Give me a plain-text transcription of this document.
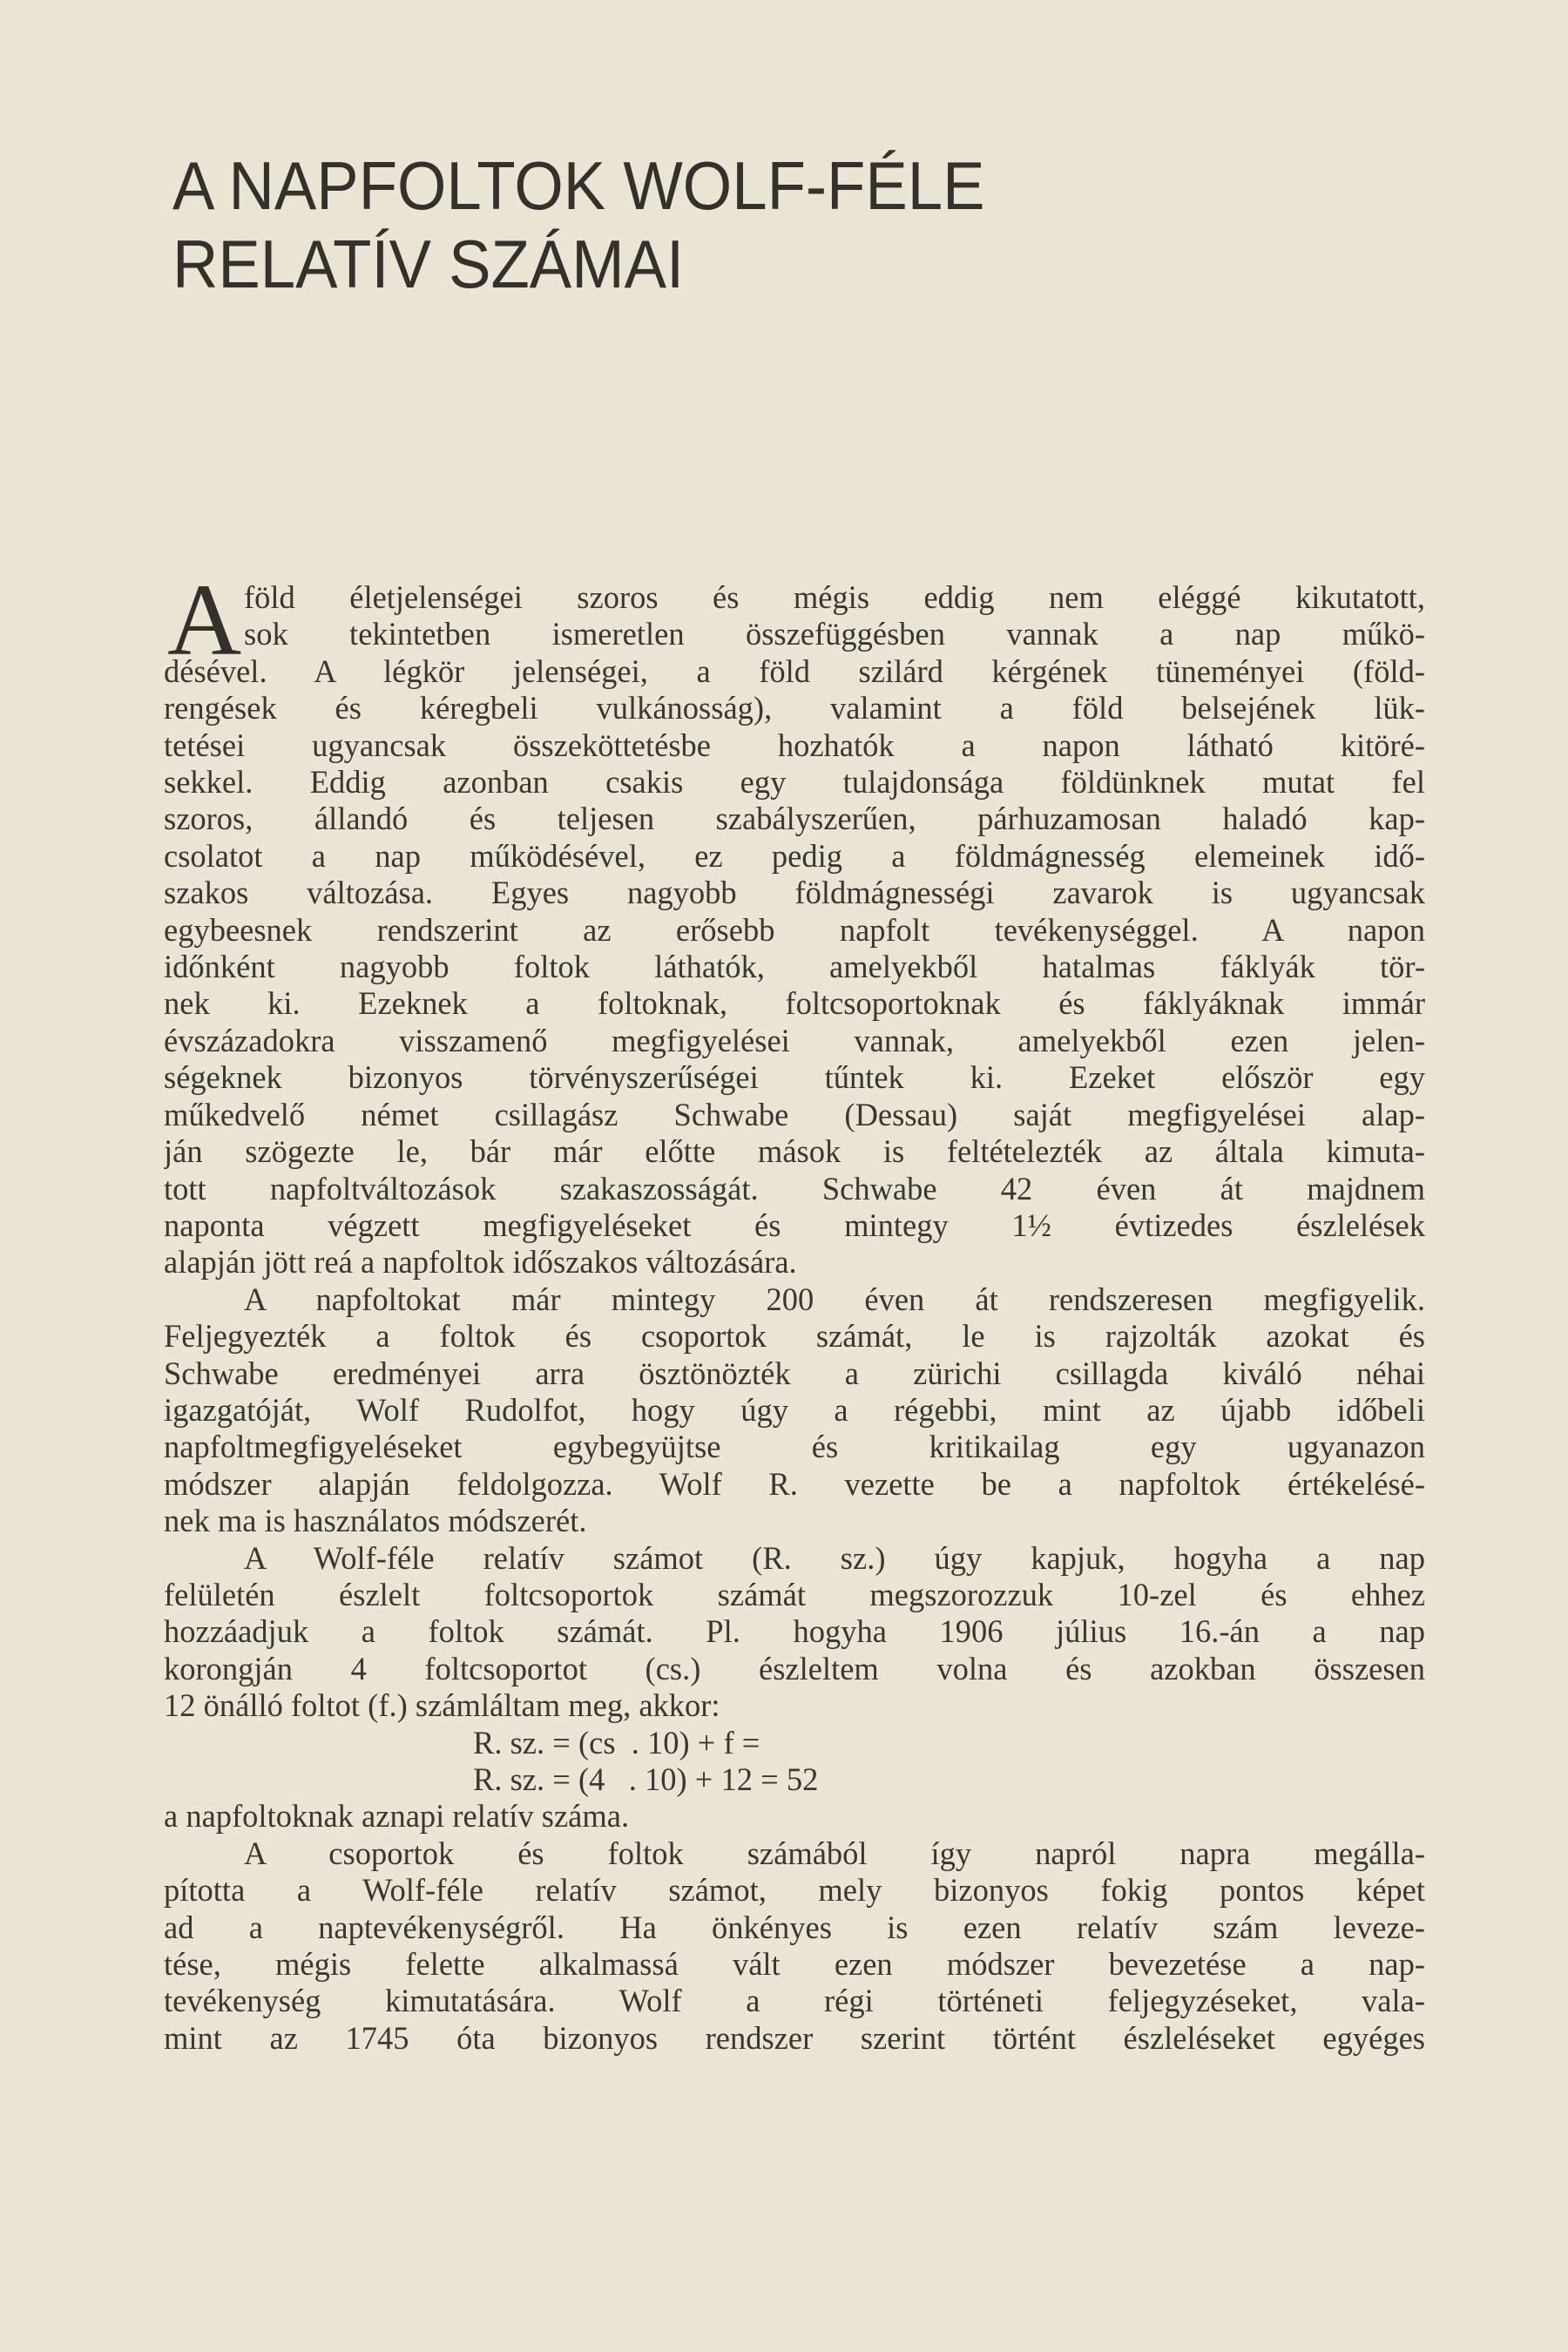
A NAPFOLTOK WOLF-FÉLE
RELATÍV SZÁMAI
A föld életjelenségei szoros és mégis eddig nem eléggé kikutatott,
sok tekintetben ismeretlen összefüggésben vannak a nap műkö-
désével. A légkör jelenségei, a föld szilárd kérgének tüneményei (föld-
rengések és kéregbeli vulkánosság), valamint a föld belsejének lük-
tetései ugyancsak összeköttetésbe hozhatók a napon látható kitöré-
sekkel. Eddig azonban csakis egy tulajdonsága földünknek mutat fel
szoros, állandó és teljesen szabályszerűen, párhuzamosan haladó kap-
csolatot a nap működésével, ez pedig a földmágnesség elemeinek idő-
szakos változása. Egyes nagyobb földmágnességi zavarok is ugyancsak
egybeesnek rendszerint az erősebb napfolt tevékenységgel. A napon
időnként nagyobb foltok láthatók, amelyekből hatalmas fáklyák tör-
nek ki. Ezeknek a foltoknak, foltcsoportoknak és fáklyáknak immár
évszázadokra visszamenő megfigyelései vannak, amelyekből ezen jelen-
ségeknek bizonyos törvényszerűségei tűntek ki. Ezeket először egy
műkedvelő német csillagász Schwabe (Dessau) saját megfigyelései alap-
ján szögezte le, bár már előtte mások is feltételezték az általa kimuta-
tott napfoltváltozások szakaszosságát. Schwabe 42 éven át majdnem
naponta végzett megfigyeléseket és mintegy 1½ évtizedes észlelések
alapján jött reá a napfoltok időszakos változására.
A napfoltokat már mintegy 200 éven át rendszeresen megfigyelik.
Feljegyezték a foltok és csoportok számát, le is rajzolták azokat és
Schwabe eredményei arra ösztönözték a zürichi csillagda kiváló néhai
igazgatóját, Wolf Rudolfot, hogy úgy a régebbi, mint az újabb időbeli
napfoltmegfigyeléseket egybegyüjtse és kritikailag egy ugyanazon
módszer alapján feldolgozza. Wolf R. vezette be a napfoltok értékelésé-
nek ma is használatos módszerét.
A Wolf-féle relatív számot (R. sz.) úgy kapjuk, hogyha a nap
felületén észlelt foltcsoportok számát megszorozzuk 10-zel és ehhez
hozzáadjuk a foltok számát. Pl. hogyha 1906 július 16.-án a nap
korongján 4 foltcsoportot (cs.) észleltem volna és azokban összesen
12 önálló foltot (f.) számláltam meg, akkor:
R. sz. = (cs  . 10) + f =
R. sz. = (4   . 10) + 12 = 52
a napfoltoknak aznapi relatív száma.
A csoportok és foltok számából így napról napra megálla-
pította a Wolf-féle relatív számot, mely bizonyos fokig pontos képet
ad a naptevékenységről. Ha önkényes is ezen relatív szám leveze-
tése, mégis felette alkalmassá vált ezen módszer bevezetése a nap-
tevékenység kimutatására. Wolf a régi történeti feljegyzéseket, vala-
mint az 1745 óta bizonyos rendszer szerint történt észleléseket egyéges
